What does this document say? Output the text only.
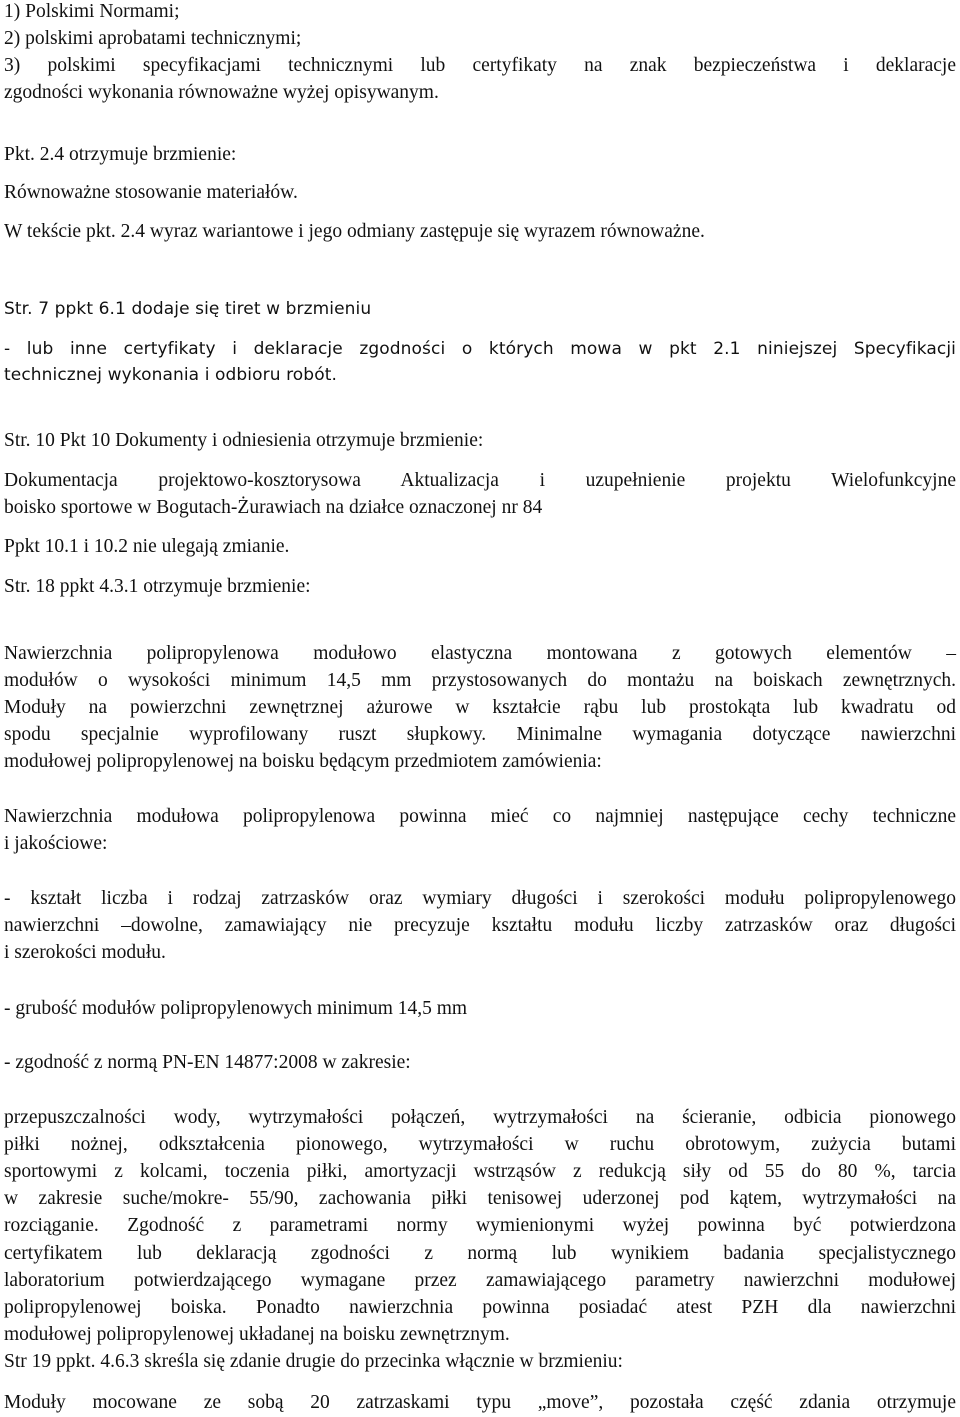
1) Polskimi Normami;
2) polskimi aprobatami technicznymi;
3) polskimi specyfikacjami technicznymi lub certyfikaty na znak bezpieczeństwa i deklaracje
zgodności wykonania równoważne wyżej opisywanym.
Pkt. 2.4 otrzymuje brzmienie:
Równoważne stosowanie materiałów.
W tekście pkt. 2.4 wyraz wariantowe i jego odmiany zastępuje się wyrazem równoważne.
Str. 7 ppkt 6.1 dodaje się tiret w brzmieniu
- lub inne certyfikaty i deklaracje zgodności o których mowa w pkt 2.1 niniejszej Specyfikacji
technicznej wykonania i odbioru robót.
Str. 10 Pkt 10 Dokumenty i odniesienia otrzymuje brzmienie:
Dokumentacja projektowo-kosztorysowa Aktualizacja i uzupełnienie projektu Wielofunkcyjne
boisko sportowe w Bogutach-Żurawiach na działce oznaczonej nr 84
Ppkt 10.1 i 10.2 nie ulegają zmianie.
Str. 18 ppkt 4.3.1 otrzymuje brzmienie:
Nawierzchnia polipropylenowa modułowo elastyczna montowana z gotowych elementów –
modułów o wysokości minimum 14,5 mm przystosowanych do montażu na boiskach zewnętrznych.
Moduły na powierzchni zewnętrznej ażurowe w kształcie rąbu lub prostokąta lub kwadratu od
spodu specjalnie wyprofilowany ruszt słupkowy. Minimalne wymagania dotyczące nawierzchni
modułowej polipropylenowej na boisku będącym przedmiotem zamówienia:
Nawierzchnia modułowa polipropylenowa powinna mieć co najmniej następujące cechy techniczne
i jakościowe:
- kształt liczba i rodzaj zatrzasków oraz wymiary długości i szerokości modułu polipropylenowego
nawierzchni –dowolne, zamawiający nie precyzuje kształtu modułu liczby zatrzasków oraz długości
i szerokości modułu.
- grubość modułów polipropylenowych minimum 14,5 mm
- zgodność z normą PN-EN 14877:2008 w zakresie:
przepuszczalności wody, wytrzymałości połączeń, wytrzymałości na ścieranie, odbicia pionowego
piłki nożnej, odkształcenia pionowego, wytrzymałości w ruchu obrotowym, zużycia butami
sportowymi z kolcami, toczenia piłki, amortyzacji wstrząsów z redukcją siły od 55 do 80 %, tarcia
w zakresie suche/mokre- 55/90, zachowania piłki tenisowej uderzonej pod kątem, wytrzymałości na
rozciąganie. Zgodność z parametrami normy wymienionymi wyżej powinna być potwierdzona
certyfikatem lub deklaracją zgodności z normą lub wynikiem badania specjalistycznego
laboratorium potwierdzającego wymagane przez zamawiającego parametry nawierzchni modułowej
polipropylenowej boiska. Ponadto nawierzchnia powinna posiadać atest PZH dla nawierzchni
modułowej polipropylenowej układanej na boisku zewnętrznym.
Str 19 ppkt. 4.6.3 skreśla się zdanie drugie do przecinka włącznie w brzmieniu:
Moduły mocowane ze sobą 20 zatrzaskami typu „move”, pozostała część zdania otrzymuje
